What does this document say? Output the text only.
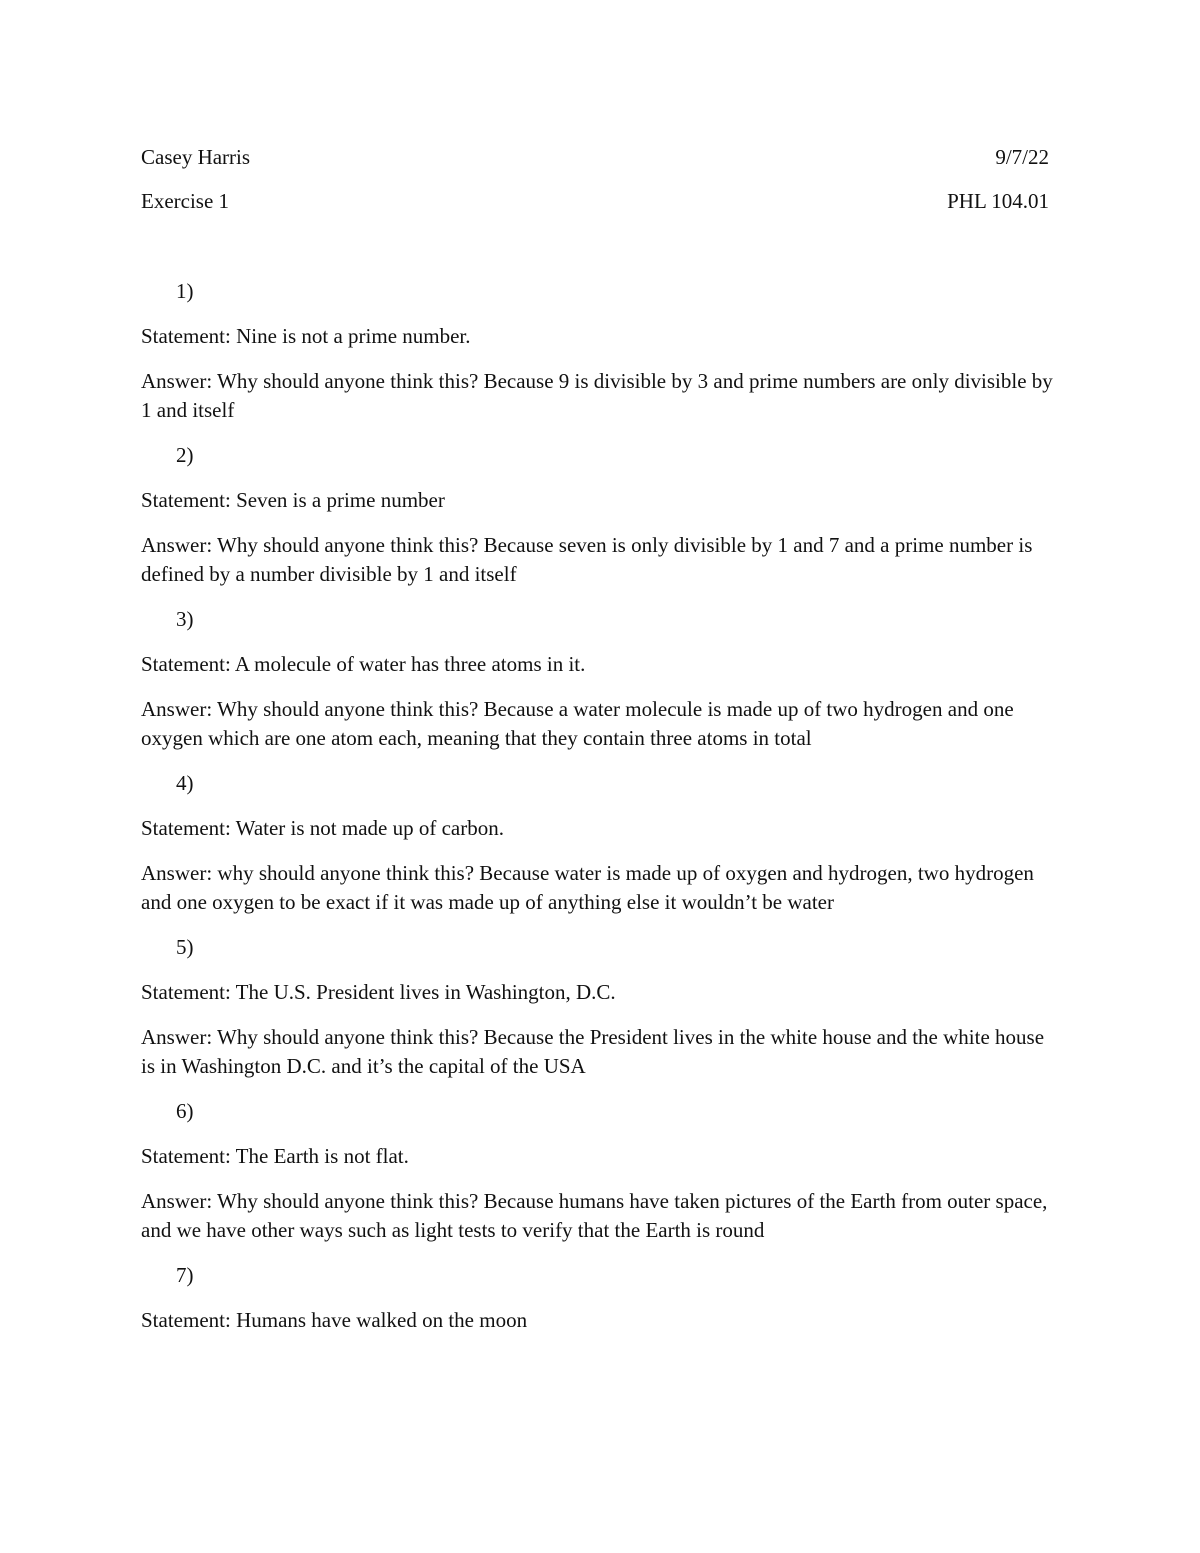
Casey Harris	9/7/22
Exercise 1	PHL 104.01
1)
Statement: Nine is not a prime number.
Answer: Why should anyone think this? Because 9 is divisible by 3 and prime numbers are only divisible by 1 and itself
2)
Statement: Seven is a prime number
Answer: Why should anyone think this? Because seven is only divisible by 1 and 7 and a prime number is defined by a number divisible by 1 and itself
3)
Statement: A molecule of water has three atoms in it.
Answer: Why should anyone think this? Because a water molecule is made up of two hydrogen and one oxygen which are one atom each, meaning that they contain three atoms in total
4)
Statement: Water is not made up of carbon.
Answer: why should anyone think this? Because water is made up of oxygen and hydrogen, two hydrogen and one oxygen to be exact if it was made up of anything else it wouldn’t be water
5)
Statement: The U.S. President lives in Washington, D.C.
Answer: Why should anyone think this? Because the President lives in the white house and the white house is in Washington D.C. and it’s the capital of the USA
6)
Statement: The Earth is not flat.
Answer: Why should anyone think this? Because humans have taken pictures of the Earth from outer space, and we have other ways such as light tests to verify that the Earth is round
7)
Statement: Humans have walked on the moon
